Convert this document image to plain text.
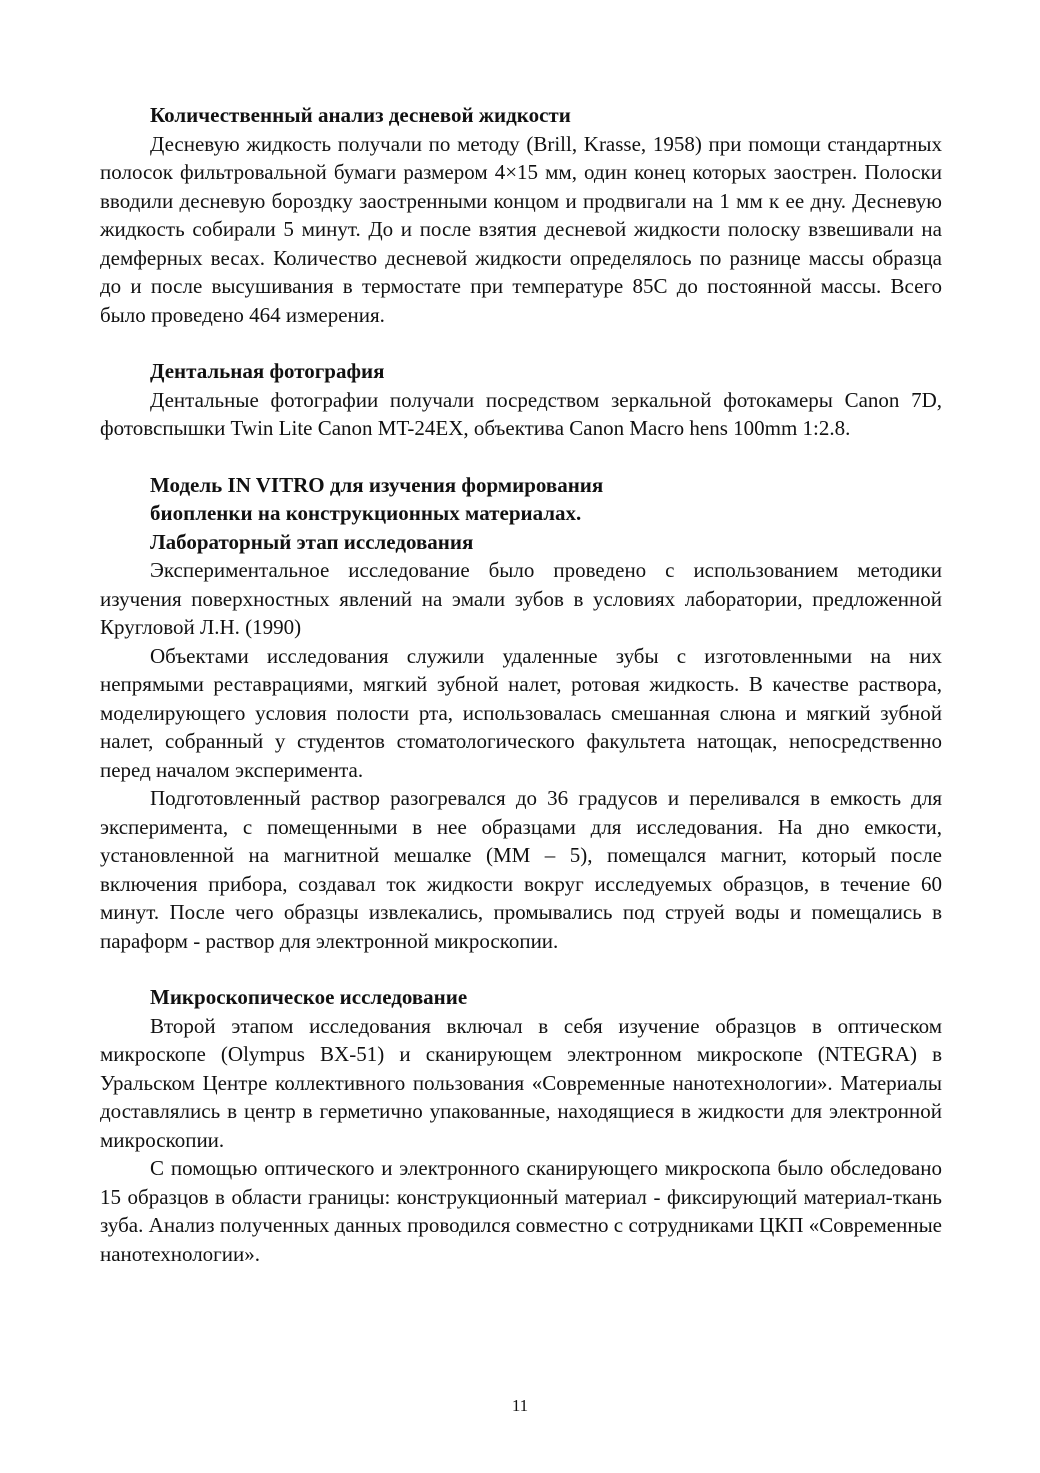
Количественный анализ десневой жидкости

Десневую жидкость получали по методу (Brill, Krasse, 1958) при помощи стандартных полосок фильтровальной бумаги размером 4×15 мм, один конец которых заострен. Полоски вводили десневую бороздку заостренными концом и продвигали на 1 мм к ее дну. Десневую жидкость собирали 5 минут. До и после взятия десневой жидкости полоску взвешивали на демферных весах. Количество десневой жидкости определялось по разнице массы образца до и после высушивания в термостате при температуре 85С до постоянной массы. Всего было проведено 464 измерения.

Дентальная фотография

Дентальные фотографии получали посредством зеркальной фотокамеры Canon 7D, фотовспышки Twin Lite Canon MT-24EX, объектива Canon Macro hens 100mm 1:2.8.

Модель IN VITRO для изучения формирования

биопленки на конструкционных материалах.

Лабораторный этап исследования

Экспериментальное исследование было проведено с использованием методики изучения поверхностных явлений на эмали зубов в условиях лаборатории, предложенной Кругловой Л.Н. (1990)

Объектами исследования служили удаленные зубы с изготовленными на них непрямыми реставрациями, мягкий зубной налет, ротовая жидкость. В качестве раствора, моделирующего условия полости рта, использовалась смешанная слюна и мягкий зубной налет, собранный у студентов стоматологического факультета натощак, непосредственно перед началом эксперимента.

Подготовленный раствор разогревался до 36 градусов и переливался в емкость для эксперимента, с помещенными в нее образцами для исследования. На дно емкости, установленной на магнитной мешалке (ММ – 5), помещался магнит, который после включения прибора, создавал ток жидкости вокруг исследуемых образцов, в течение 60 минут. После чего образцы извлекались, промывались под струей воды и помещались в параформ - раствор для электронной микроскопии.

Микроскопическое исследование

Второй этапом исследования включал в себя изучение образцов в оптическом микроскопе (Olympus BX-51) и сканирующем электронном микроскопе (NTEGRA) в Уральском Центре коллективного пользования «Современные нанотехнологии». Материалы доставлялись в центр в герметично упакованные, находящиеся в жидкости для электронной микроскопии.

С помощью оптического и электронного сканирующего микроскопа было обследовано 15 образцов в области границы: конструкционный материал - фиксирующий материал-ткань зуба. Анализ полученных данных проводился совместно с сотрудниками ЦКП «Современные нанотехнологии».

11
